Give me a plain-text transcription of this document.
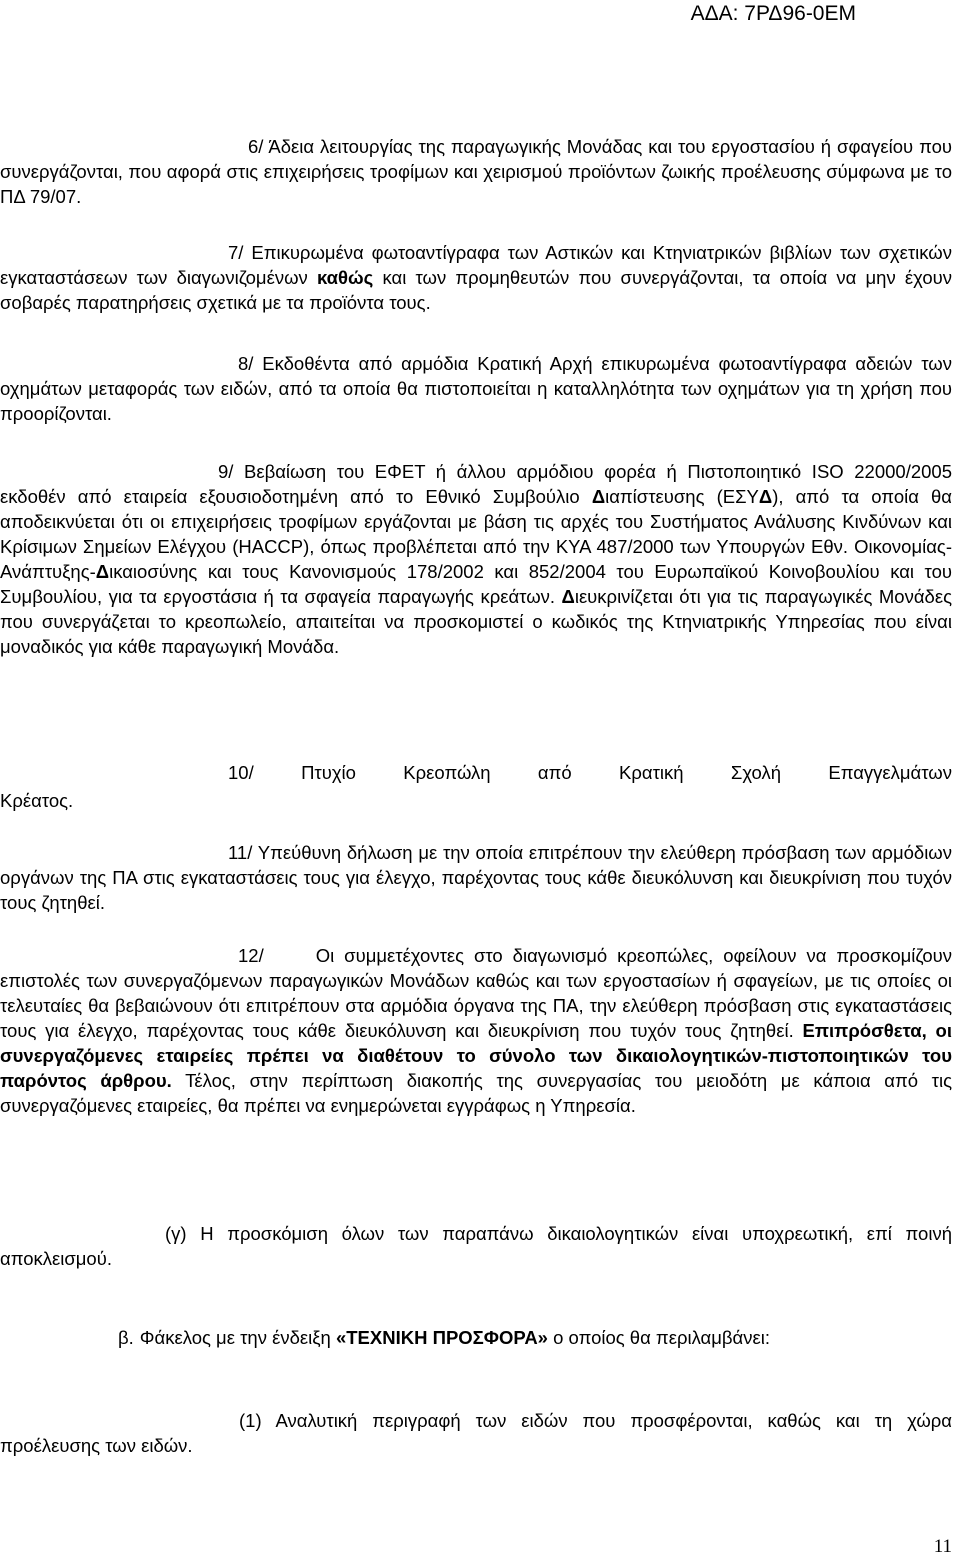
ΑΔΑ: 7ΡΔ96-0ΕΜ

6/ Άδεια λειτουργίας της παραγωγικής Μονάδας και του εργοστασίου ή σφαγείου που συνεργάζονται, που αφορά στις επιχειρήσεις τροφίμων και χειρισμού προϊόντων ζωικής προέλευσης σύμφωνα με το ΠΔ 79/07.

7/ Επικυρωμένα φωτοαντίγραφα των Αστικών και Κτηνιατρικών βιβλίων των σχετικών εγκαταστάσεων των διαγωνιζομένων καθώς και των προμηθευτών που συνεργάζονται, τα οποία να μην έχουν σοβαρές παρατηρήσεις σχετικά με τα προϊόντα τους.

8/ Εκδοθέντα από αρμόδια Κρατική Αρχή επικυρωμένα φωτοαντίγραφα αδειών των οχημάτων μεταφοράς των ειδών, από τα οποία θα πιστοποιείται η καταλληλότητα των οχημάτων για τη χρήση που προορίζονται.

9/ Βεβαίωση του ΕΦΕΤ ή άλλου αρμόδιου φορέα ή Πιστοποιητικό ISO 22000/2005 εκδοθέν από εταιρεία εξουσιοδοτημένη από το Εθνικό Συμβούλιο Διαπίστευσης (ΕΣΥΔ), από τα οποία θα αποδεικνύεται ότι οι επιχειρήσεις τροφίμων εργάζονται με βάση τις αρχές του Συστήματος Ανάλυσης Κινδύνων και Κρίσιμων Σημείων Ελέγχου (HACCP), όπως προβλέπεται από την ΚΥΑ 487/2000 των Υπουργών Εθν. Οικονομίας-Ανάπτυξης-Δικαιοσύνης και τους Κανονισμούς 178/2002 και 852/2004 του Ευρωπαϊκού Κοινοβουλίου και του Συμβουλίου, για τα εργοστάσια ή τα σφαγεία παραγωγής κρεάτων. Διευκρινίζεται ότι για τις παραγωγικές Μονάδες που συνεργάζεται το κρεοπωλείο, απαιτείται να προσκομιστεί ο κωδικός της Κτηνιατρικής Υπηρεσίας που είναι μοναδικός για κάθε παραγωγική Μονάδα.

10/ Πτυχίο Κρεοπώλη από Κρατική Σχολή Επαγγελμάτων

Κρέατος.

11/ Υπεύθυνη δήλωση με την οποία επιτρέπουν την ελεύθερη πρόσβαση των αρμόδιων οργάνων της ΠΑ στις εγκαταστάσεις τους για έλεγχο, παρέχοντας τους κάθε διευκόλυνση και διευκρίνιση που τυχόν τους ζητηθεί.

12/	Οι συμμετέχοντες στο διαγωνισμό κρεοπώλες, οφείλουν να προσκομίζουν επιστολές των συνεργαζόμενων παραγωγικών Μονάδων καθώς και των εργοστασίων ή σφαγείων, με τις οποίες οι τελευταίες θα βεβαιώνουν ότι επιτρέπουν στα αρμόδια όργανα της ΠΑ, την ελεύθερη πρόσβαση στις εγκαταστάσεις τους για έλεγχο, παρέχοντας τους κάθε διευκόλυνση και διευκρίνιση που τυχόν τους ζητηθεί. Επιπρόσθετα, οι συνεργαζόμενες εταιρείες πρέπει να διαθέτουν το σύνολο των δικαιολογητικών-πιστοποιητικών του παρόντος άρθρου. Τέλος, στην περίπτωση διακοπής της συνεργασίας του μειοδότη με κάποια από τις συνεργαζόμενες εταιρείες, θα πρέπει να ενημερώνεται εγγράφως η Υπηρεσία.

(γ) Η προσκόμιση όλων των παραπάνω δικαιολογητικών είναι υποχρεωτική, επί ποινή αποκλεισμού.

β. Φάκελος με την ένδειξη «ΤΕΧΝΙΚΗ ΠΡΟΣΦΟΡΑ» ο οποίος θα περιλαμβάνει:

(1) Αναλυτική περιγραφή των ειδών που προσφέρονται, καθώς και τη χώρα προέλευσης των ειδών.

11
